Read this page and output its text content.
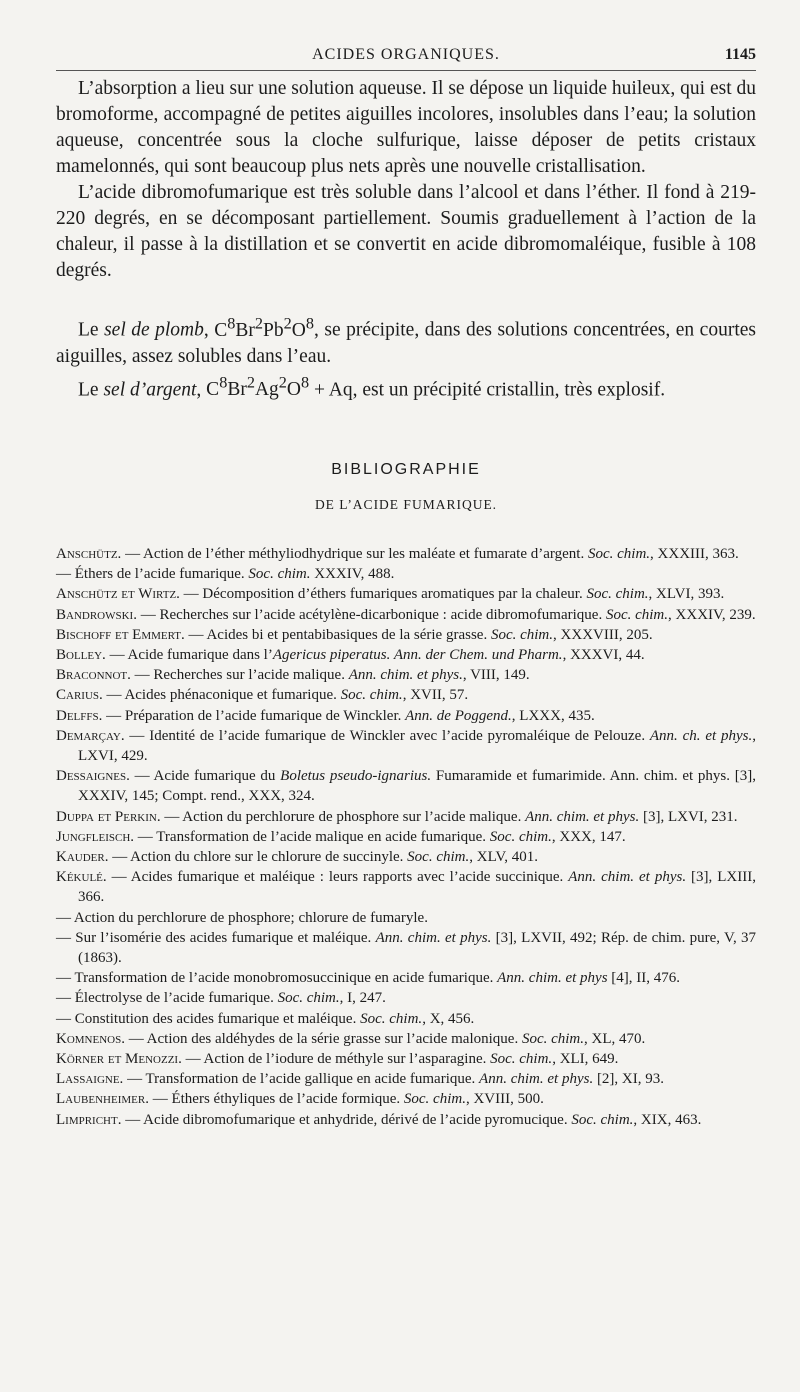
ACIDES ORGANIQUES.	1145

L’absorption a lieu sur une solution aqueuse. Il se dépose un liquide huileux, qui est du bromoforme, accompagné de petites aiguilles incolores, insolubles dans l’eau; la solution aqueuse, concentrée sous la cloche sulfurique, laisse déposer de petits cristaux mamelonnés, qui sont beaucoup plus nets après une nouvelle cristallisation.

L’acide dibromofumarique est très soluble dans l’alcool et dans l’éther. Il fond à 219-220 degrés, en se décomposant partiellement. Soumis graduellement à l’action de la chaleur, il passe à la distillation et se convertit en acide dibromomaléique, fusible à 108 degrés.

Le sel de plomb, $C^8Br^2Pb^2O^8$, se précipite, dans des solutions concentrées, en courtes aiguilles, assez solubles dans l’eau.

Le sel d’argent, $C^8Br^2Ag^2O^8 + Aq$, est un précipité cristallin, très explosif.

BIBLIOGRAPHIE
DE L’ACIDE FUMARIQUE.

Anschütz. — Action de l’éther méthyliodhydrique sur les maléate et fumarate d’argent. Soc. chim., XXXIII, 363.

— Éthers de l’acide fumarique. Soc. chim. XXXIV, 488.

Anschütz et Wirtz. — Décomposition d’éthers fumariques aromatiques par la chaleur. Soc. chim., XLVI, 393.

Bandrowski. — Recherches sur l’acide acétylène-dicarbonique : acide dibromofumarique. Soc. chim., XXXIV, 239.

Bischoff et Emmert. — Acides bi et pentabibasiques de la série grasse. Soc. chim., XXXVIII, 205.

Bolley. — Acide fumarique dans l’Agericus piperatus. Ann. der Chem. und Pharm., XXXVI, 44.

Braconnot. — Recherches sur l’acide malique. Ann. chim. et phys., VIII, 149.

Carius. — Acides phénaconique et fumarique. Soc. chim., XVII, 57.

Delffs. — Préparation de l’acide fumarique de Winckler. Ann. de Poggend., LXXX, 435.

Demarçay. — Identité de l’acide fumarique de Winckler avec l’acide pyromaléique de Pelouze. Ann. ch. et phys., LXVI, 429.

Dessaignes. — Acide fumarique du Boletus pseudo-ignarius. Fumaramide et fumarimide. Ann. chim. et phys. [3], XXXIV, 145; Compt. rend., XXX, 324.

Duppa et Perkin. — Action du perchlorure de phosphore sur l’acide malique. Ann. chim. et phys. [3], LXVI, 231.

Jungfleisch. — Transformation de l’acide malique en acide fumarique. Soc. chim., XXX, 147.

Kauder. — Action du chlore sur le chlorure de succinyle. Soc. chim., XLV, 401.

Kékulé. — Acides fumarique et maléique : leurs rapports avec l’acide succinique. Ann. chim. et phys. [3], LXIII, 366.

— Action du perchlorure de phosphore; chlorure de fumaryle.

— Sur l’isomérie des acides fumarique et maléique. Ann. chim. et phys. [3], LXVII, 492; Rép. de chim. pure, V, 37 (1863).

— Transformation de l’acide monobromosuccinique en acide fumarique. Ann. chim. et phys [4], II, 476.

— Électrolyse de l’acide fumarique. Soc. chim., I, 247.

— Constitution des acides fumarique et maléique. Soc. chim., X, 456.

Komnenos. — Action des aldéhydes de la série grasse sur l’acide malonique. Soc. chim., XL, 470.

Körner et Menozzi. — Action de l’iodure de méthyle sur l’asparagine. Soc. chim., XLI, 649.

Lassaigne. — Transformation de l’acide gallique en acide fumarique. Ann. chim. et phys. [2], XI, 93.

Laubenheimer. — Éthers éthyliques de l’acide formique. Soc. chim., XVIII, 500.

Limpricht. — Acide dibromofumarique et anhydride, dérivé de l’acide pyromucique. Soc. chim., XIX, 463.
